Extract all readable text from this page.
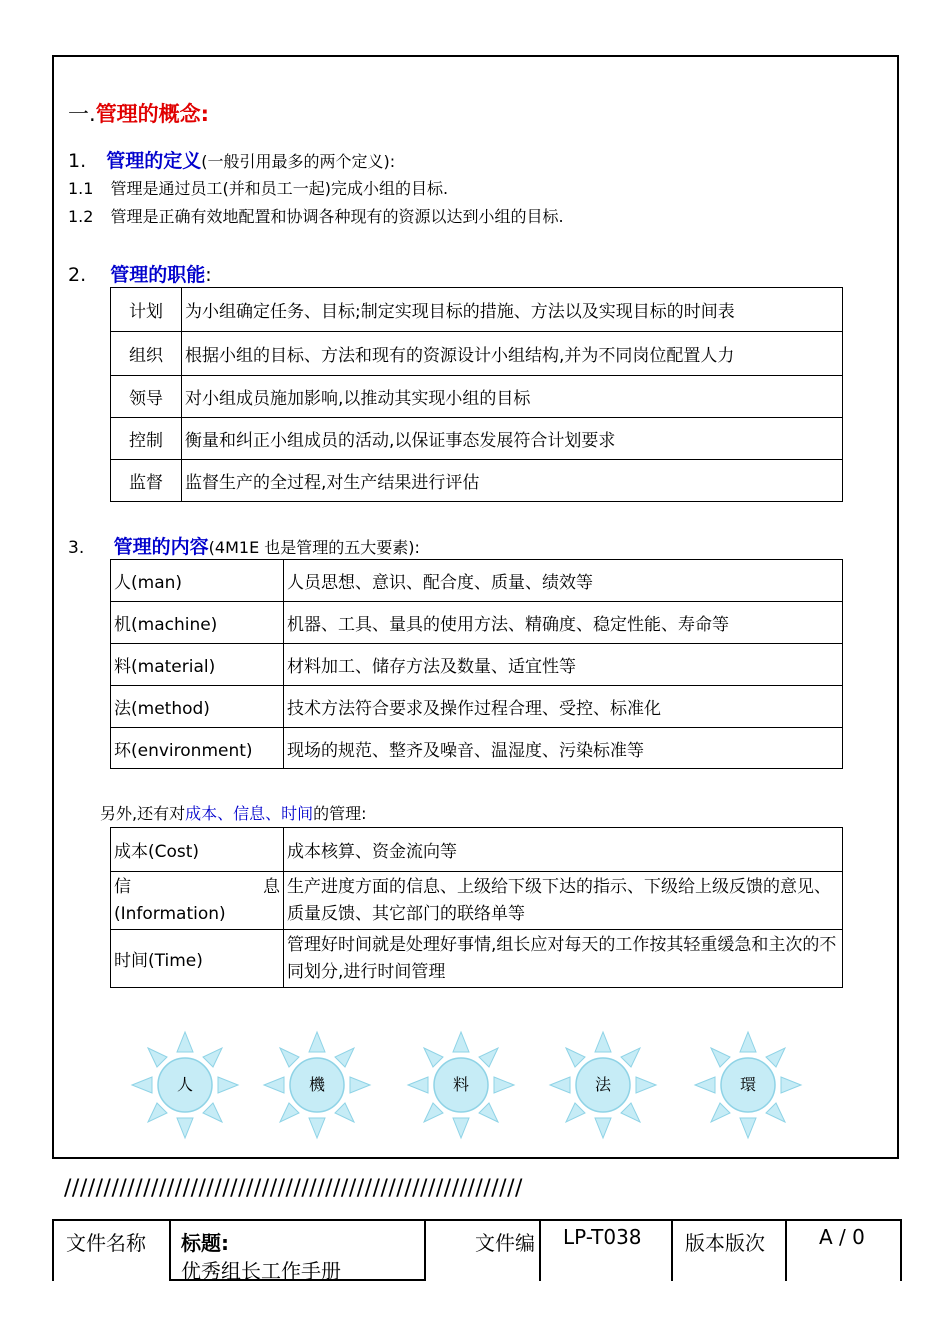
一.管理的概念:
1. 管理的定义(一般引用最多的两个定义):
1.1 管理是通过员工(并和员工一起)完成小组的目标.
1.2 管理是正确有效地配置和协调各种现有的资源以达到小组的目标.
2. 管理的职能:
计划	为小组确定任务、目标;制定实现目标的措施、方法以及实现目标的时间表
组织	根据小组的目标、方法和现有的资源设计小组结构,并为不同岗位配置人力
领导	对小组成员施加影响,以推动其实现小组的目标
控制	衡量和纠正小组成员的活动,以保证事态发展符合计划要求
监督	监督生产的全过程,对生产结果进行评估
3. 管理的内容(4M1E 也是管理的五大要素):
人(man)	人员思想、意识、配合度、质量、绩效等
机(machine)	机器、工具、量具的使用方法、精确度、稳定性能、寿命等
料(material)	材料加工、储存方法及数量、适宜性等
法(method)	技术方法符合要求及操作过程合理、受控、标准化
环(environment)	现场的规范、整齐及噪音、温湿度、污染标准等
另外,还有对成本、信息、时间的管理:
成本(Cost)	成本核算、资金流向等

信 息
(Information)	生产进度方面的信息、上级给下级下达的指示、下级给上级反馈的意见、质量反馈、其它部门的联络单等
时间(Time)	管理好时间就是处理好事情,组长应对每天的工作按其轻重缓急和主次的不同划分,进行时间管理
人	機	料	法	環
//////////////////////////////////////////////////////////
文件名称 标题:
优秀组长工作手册
文件编 LP-T038 版本版次	A / 0
